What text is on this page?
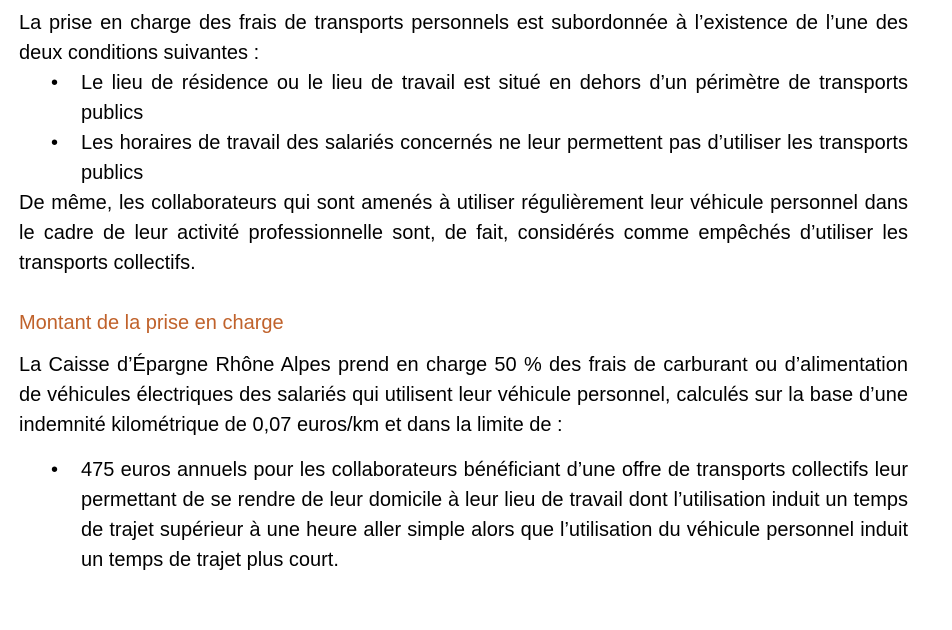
La prise en charge des frais de transports personnels est subordonnée à l’existence de l’une des deux conditions suivantes :

• Le lieu de résidence ou le lieu de travail est situé en dehors d’un périmètre de transports publics
• Les horaires de travail des salariés concernés ne leur permettent pas d’utiliser les transports publics

De même, les collaborateurs qui sont amenés à utiliser régulièrement leur véhicule personnel dans le cadre de leur activité professionnelle sont, de fait, considérés comme empêchés d’utiliser les transports collectifs.

Montant de la prise en charge

La Caisse d’Épargne Rhône Alpes prend en charge 50 % des frais de carburant ou d’alimentation de véhicules électriques des salariés qui utilisent leur véhicule personnel, calculés sur la base d’une indemnité kilométrique de 0,07 euros/km et dans la limite de :

• 475 euros annuels pour les collaborateurs bénéficiant d’une offre de transports collectifs leur permettant de se rendre de leur domicile à leur lieu de travail dont l’utilisation induit un temps de trajet supérieur à une heure aller simple alors que l’utilisation du véhicule personnel induit un temps de trajet plus court.
